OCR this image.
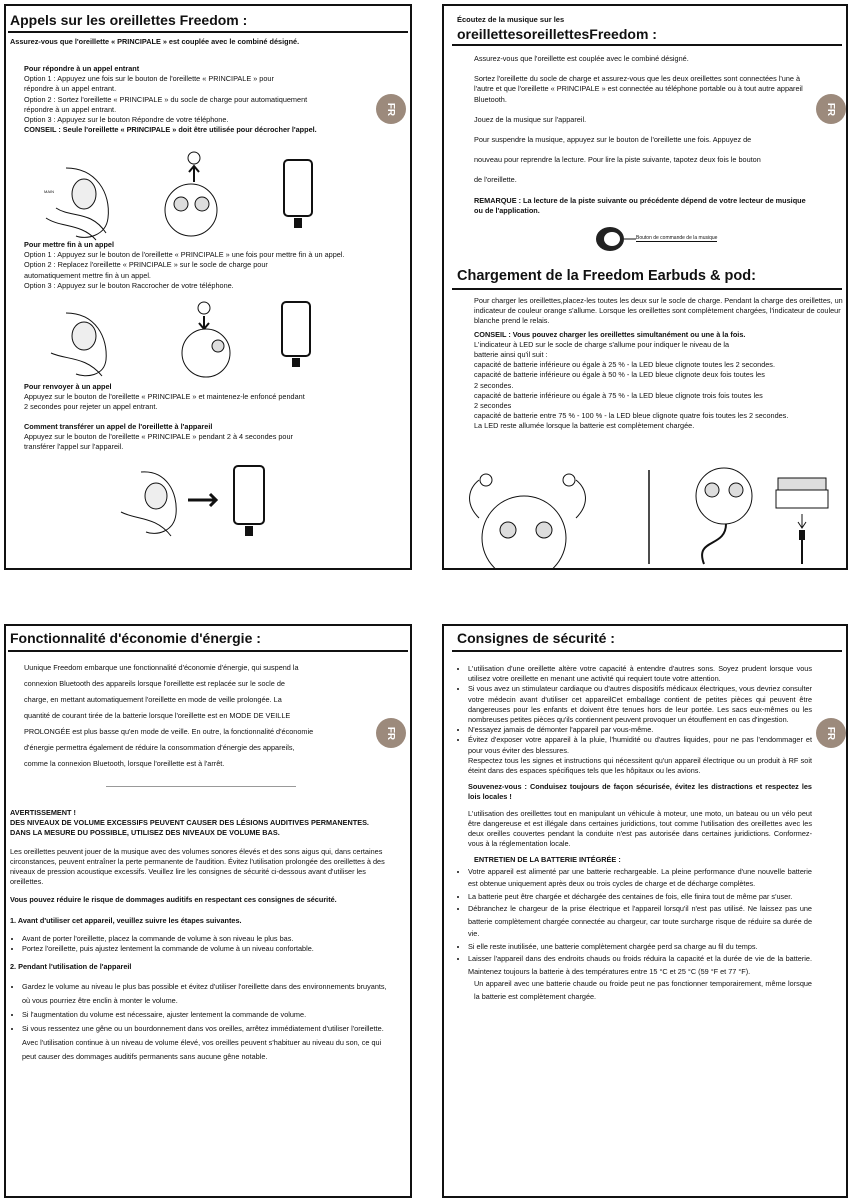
Appels sur les oreillettes Freedom :
Assurez-vous que l'oreillette « PRINCIPALE » est couplée avec le combiné désigné.
Pour répondre à un appel entrant
Option 1 : Appuyez une fois sur le bouton de l'oreillette « PRINCIPALE » pour
répondre à un appel entrant.
Option 2 : Sortez l'oreillette « PRINCIPALE » du socle de charge pour automatiquement
répondre à un appel entrant.
Option 3 : Appuyez sur le bouton Répondre de votre téléphone.
CONSEIL : Seule l'oreillette « PRINCIPALE » doit être utilisée pour décrocher l'appel.
FR
MAIN
Pour mettre fin à un appel
Option 1 : Appuyez sur le bouton de l'oreillette « PRINCIPALE » une fois pour mettre fin à un appel.
Option 2 : Replacez l'oreillette « PRINCIPALE » sur le socle de charge pour
automatiquement mettre fin à un appel.
Option 3 : Appuyez sur le bouton Raccrocher de votre téléphone.
Pour renvoyer à un appel
Appuyez sur le bouton de l'oreillette « PRINCIPALE » et maintenez-le enfoncé pendant
2 secondes pour rejeter un appel entrant.
Comment transférer un appel de l'oreillette à l'appareil
Appuyez sur le bouton de l'oreillette « PRINCIPALE » pendant 2 à 4 secondes pour
transférer l'appel sur l'appareil.
Écoutez de la musique sur les
oreillettesoreillettesFreedom :

Assurez-vous que l'oreillette est couplée avec le combiné désigné.

Sortez l'oreillette du socle de charge et assurez-vous que les deux oreillettes sont connectées l'une à l'autre et que l'oreillette « PRINCIPALE » est connectée au téléphone portable ou à tout autre appareil Bluetooth.

Jouez de la musique sur l'appareil.

Pour suspendre la musique, appuyez sur le bouton de l'oreillette une fois. Appuyez de

nouveau pour reprendre la lecture. Pour lire la piste suivante, tapotez deux fois le bouton

de l'oreillette.

REMARQUE : La lecture de la piste suivante ou précédente dépend de votre lecteur de musique ou de l'application.

FR
Bouton de commande de la musique
Chargement de la Freedom Earbuds & pod:

Pour charger les oreillettes,placez-les toutes les deux sur le socle de charge. Pendant la charge des oreillettes, un indicateur de couleur orange s'allume. Lorsque les oreillettes sont complètement chargées, l'indicateur de couleur blanche prend le relais.

CONSEIL : Vous pouvez charger les oreillettes simultanément ou une à la fois.

L'indicateur à LED sur le socle de charge s'allume pour indiquer le niveau de la
batterie ainsi qu'il suit :
capacité de batterie inférieure ou égale à 25 % - la LED bleue clignote toutes les 2 secondes.
capacité de batterie inférieure ou égale à 50 % - la LED bleue clignote deux fois toutes les
2 secondes.
capacité de batterie inférieure ou égale à 75 % - la LED bleue clignote trois fois toutes les
2 secondes
capacité de batterie entre 75 % - 100 % - la LED bleue clignote quatre fois toutes les 2 secondes.
La LED reste allumée lorsque la batterie est complètement chargée.
Fonctionnalité d'économie d'énergie :
Uunique Freedom embarque une fonctionnalité d'économie d'énergie, qui suspend la
connexion Bluetooth des appareils lorsque l'oreillette est replacée sur le socle de
charge, en mettant automatiquement l'oreillette en mode de veille prolongée. La
quantité de courant tirée de la batterie lorsque l'oreillette est en MODE DE VEILLE
PROLONGÉE est plus basse qu'en mode de veille. En outre, la fonctionnalité d'économie
d'énergie permettra également de réduire la consommation d'énergie des appareils,
comme la connexion Bluetooth, lorsque l'oreillette est à l'arrêt.
FR
AVERTISSEMENT !
DES NIVEAUX DE VOLUME EXCESSIFS PEUVENT CAUSER DES LÉSIONS AUDITIVES PERMANENTES. DANS LA MESURE DU POSSIBLE, UTILISEZ DES NIVEAUX DE VOLUME BAS.
Les oreillettes peuvent jouer de la musique avec des volumes sonores élevés et des sons aigus qui, dans certaines circonstances, peuvent entraîner la perte permanente de l'audition. Évitez l'utilisation prolongée des oreillettes à des niveaux de pression acoustique excessifs. Veuillez lire les consignes de sécurité ci-dessous avant d'utiliser les oreillettes.
Vous pouvez réduire le risque de dommages auditifs en respectant ces consignes de sécurité.
1. Avant d'utiliser cet appareil, veuillez suivre les étapes suivantes.
• Avant de porter l'oreillette, placez la commande de volume à son niveau le plus bas.
• Portez l'oreillette, puis ajustez lentement la commande de volume à un niveau confortable.
2. Pendant l'utilisation de l'appareil
• Gardez le volume au niveau le plus bas possible et évitez d'utiliser l'oreillette dans des environnements bruyants, où vous pourriez être enclin à monter le volume.
• Si l'augmentation du volume est nécessaire, ajuster lentement la commande de volume.
• Si vous ressentez une gêne ou un bourdonnement dans vos oreilles, arrêtez immédiatement d'utiliser l'oreillette.
Avec l'utilisation continue à un niveau de volume élevé, vos oreilles peuvent s'habituer au niveau du son, ce qui peut causer des dommages auditifs permanents sans aucune gêne notable.
Consignes de sécurité :
FR
• L'utilisation d'une oreillette altère votre capacité à entendre d'autres sons. Soyez prudent lorsque vous utilisez votre oreillette en menant une activité qui requiert toute votre attention.
• Si vous avez un stimulateur cardiaque ou d'autres dispositifs médicaux électriques, vous devriez consulter votre médecin avant d'utiliser cet appareilCet emballage contient de petites pièces qui peuvent être dangereuses pour les enfants et doivent être tenues hors de leur portée. Les sacs eux-mêmes ou les nombreuses petites pièces qu'ils contiennent peuvent provoquer un étouffement en cas d'ingestion.
• N'essayez jamais de démonter l'appareil par vous-même.
• Évitez d'exposer votre appareil à la pluie, l'humidité ou d'autres liquides, pour ne pas l'endommager et pour vous éviter des blessures.
Respectez tous les signes et instructions qui nécessitent qu'un appareil électrique ou un produit à RF soit éteint dans des espaces spécifiques tels que les hôpitaux ou les avions.
Souvenez-vous : Conduisez toujours de façon sécurisée, évitez les distractions et respectez les lois locales !
L'utilisation des oreillettes tout en manipulant un véhicule à moteur, une moto, un bateau ou un vélo peut être dangereuse et est illégale dans certaines juridictions, tout comme l'utilisation des oreillettes avec les deux oreilles couvertes pendant la conduite n'est pas autorisée dans certaines juridictions. Conformez-vous à la réglementation locale.
ENTRETIEN DE LA BATTERIE INTÉGRÉE :
• Votre appareil est alimenté par une batterie rechargeable. La pleine performance d'une nouvelle batterie est obtenue uniquement après deux ou trois cycles de charge et de décharge complètes.
• La batterie peut être chargée et déchargée des centaines de fois, elle finira tout de même par s'user.
• Débranchez le chargeur de la prise électrique et l'appareil lorsqu'il n'est pas utilisé. Ne laissez pas une batterie complètement chargée connectée au chargeur, car toute surcharge risque de réduire sa durée de vie.
• Si elle reste inutilisée, une batterie complètement chargée perd sa charge au fil du temps.
• Laisser l'appareil dans des endroits chauds ou froids réduira la capacité et la durée de vie de la batterie. Maintenez toujours la batterie à des températures entre 15 °C et 25 °C (59 °F et 77 °F).
Un appareil avec une batterie chaude ou froide peut ne pas fonctionner temporairement, même lorsque la batterie est complètement chargée.
